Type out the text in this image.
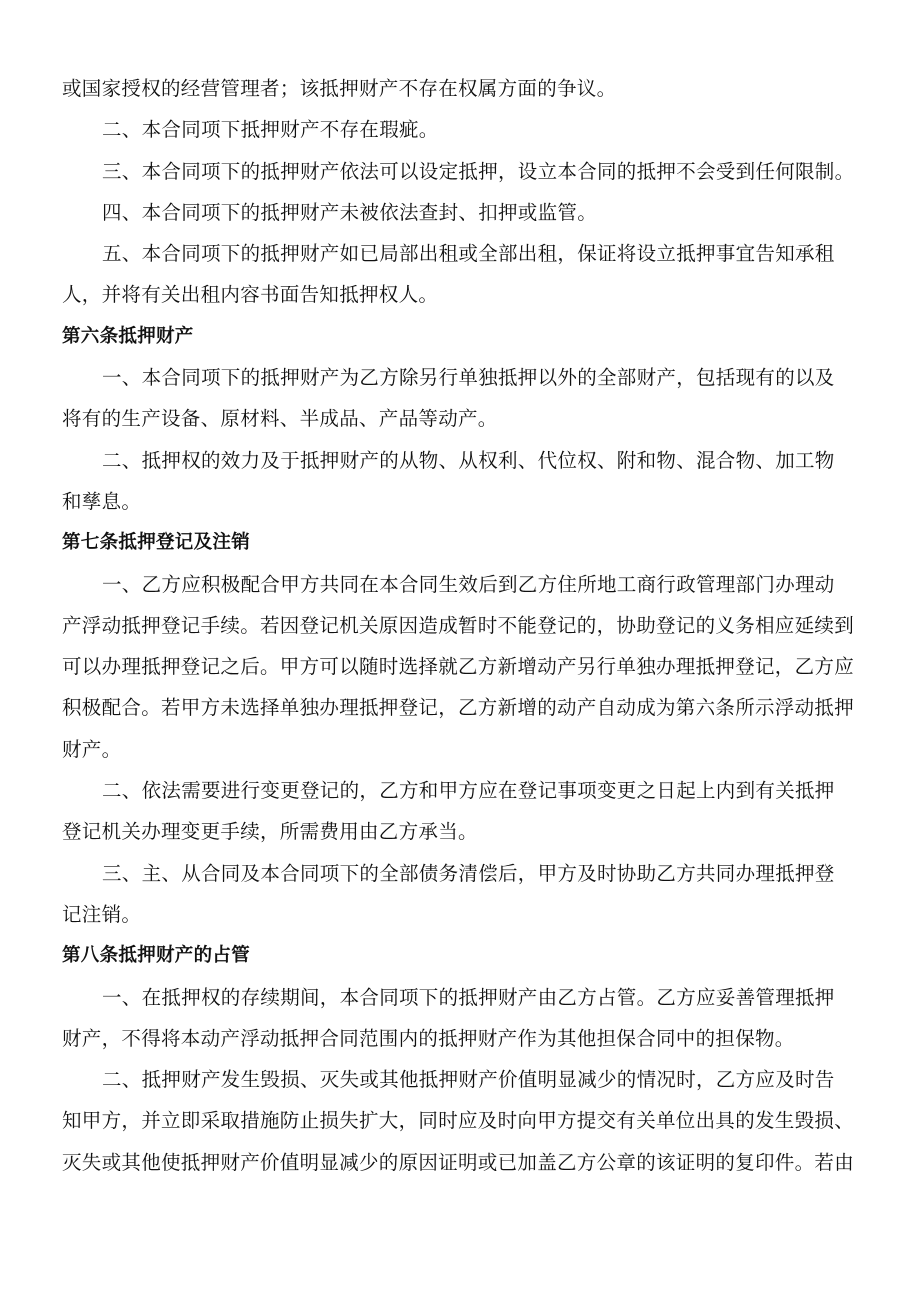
或国家授权的经营管理者；该抵押财产不存在权属方面的争议。
二、本合同项下抵押财产不存在瑕疵。
三、本合同项下的抵押财产依法可以设定抵押，设立本合同的抵押不会受到任何限制。
四、本合同项下的抵押财产未被依法查封、扣押或监管。
五、本合同项下的抵押财产如已局部出租或全部出租，保证将设立抵押事宜告知承租
人，并将有关出租内容书面告知抵押权人。
第六条抵押财产
一、本合同项下的抵押财产为乙方除另行单独抵押以外的全部财产，包括现有的以及
将有的生产设备、原材料、半成品、产品等动产。
二、抵押权的效力及于抵押财产的从物、从权利、代位权、附和物、混合物、加工物
和孳息。
第七条抵押登记及注销
一、乙方应积极配合甲方共同在本合同生效后到乙方住所地工商行政管理部门办理动
产浮动抵押登记手续。若因登记机关原因造成暂时不能登记的，协助登记的义务相应延续到
可以办理抵押登记之后。甲方可以随时选择就乙方新增动产另行单独办理抵押登记，乙方应
积极配合。若甲方未选择单独办理抵押登记，乙方新增的动产自动成为第六条所示浮动抵押
财产。
二、依法需要进行变更登记的，乙方和甲方应在登记事项变更之日起上内到有关抵押
登记机关办理变更手续，所需费用由乙方承当。
三、主、从合同及本合同项下的全部债务清偿后，甲方及时协助乙方共同办理抵押登
记注销。
第八条抵押财产的占管
一、在抵押权的存续期间，本合同项下的抵押财产由乙方占管。乙方应妥善管理抵押
财产，不得将本动产浮动抵押合同范围内的抵押财产作为其他担保合同中的担保物。
二、抵押财产发生毁损、灭失或其他抵押财产价值明显减少的情况时，乙方应及时告
知甲方，并立即采取措施防止损失扩大，同时应及时向甲方提交有关单位出具的发生毁损、
灭失或其他使抵押财产价值明显减少的原因证明或已加盖乙方公章的该证明的复印件。若由
